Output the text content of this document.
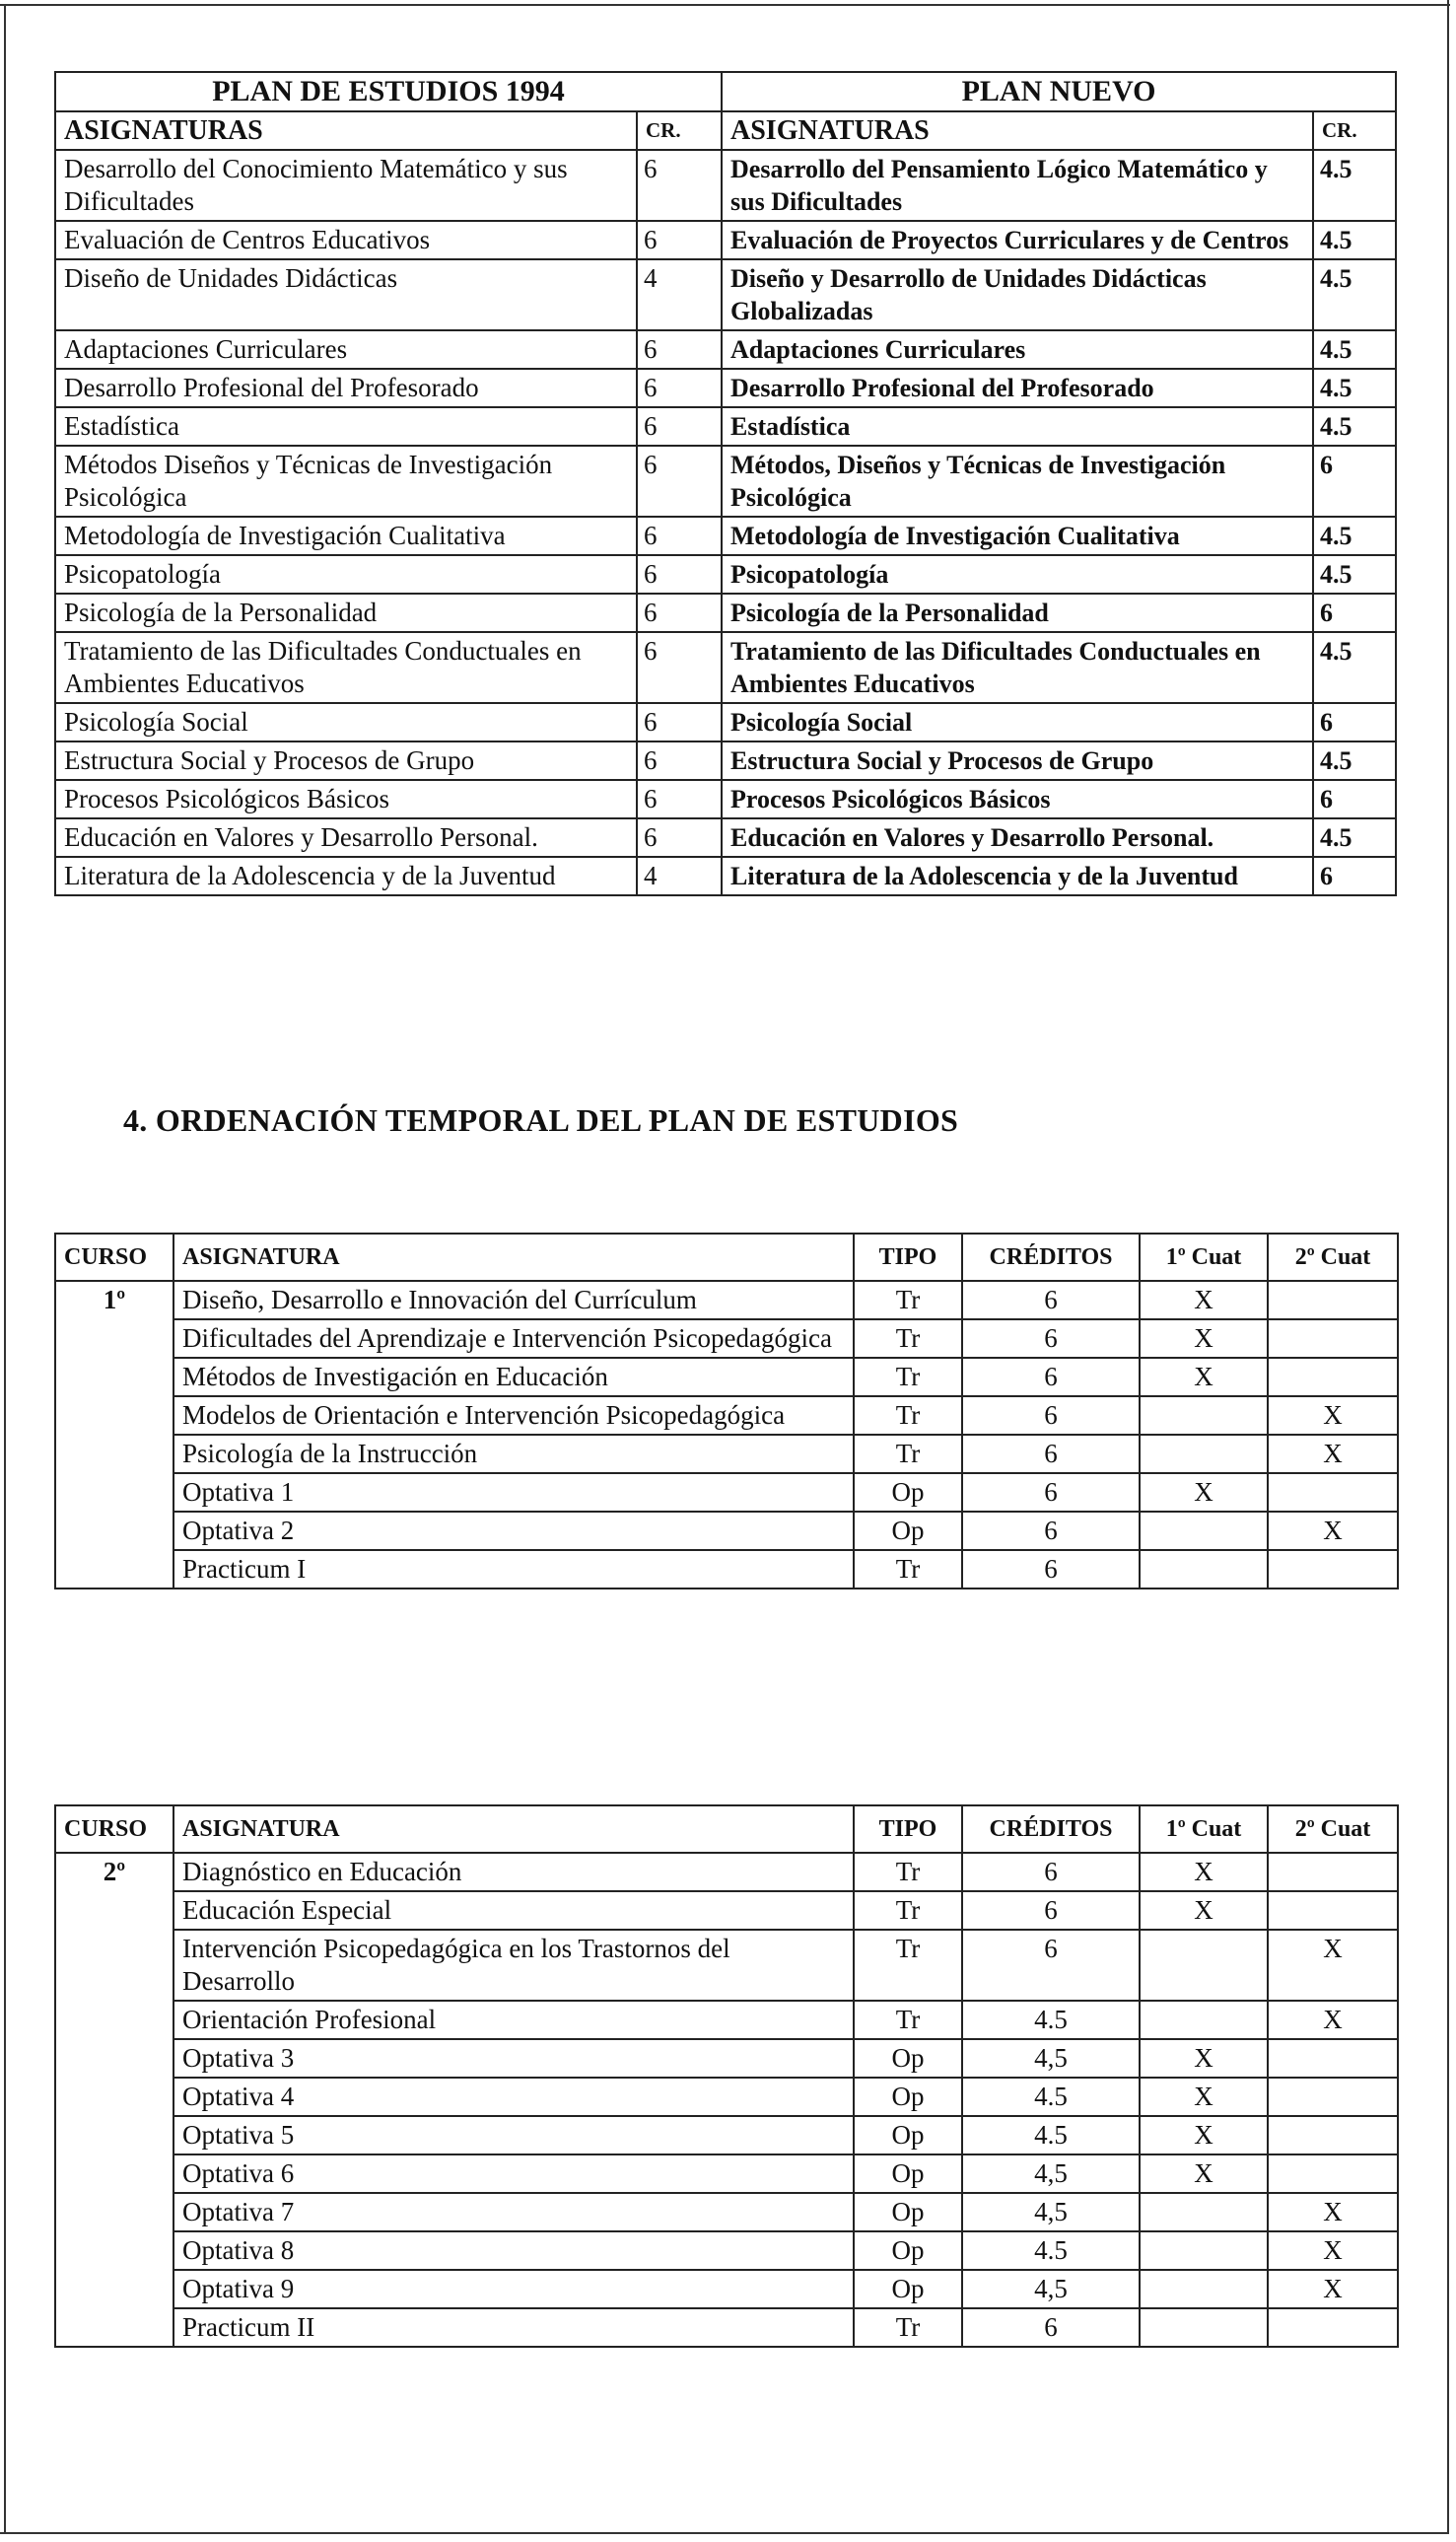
PLAN DE ESTUDIOS 1994		PLAN NUEVO	
ASIGNATURAS	CR.	ASIGNATURAS	CR.
Desarrollo del Conocimiento Matemático y sus Dificultades	6	Desarrollo del Pensamiento Lógico Matemático y sus Dificultades	4.5
Evaluación de Centros Educativos	6	Evaluación de Proyectos Curriculares y de Centros	4.5
Diseño de Unidades Didácticas	4	Diseño y Desarrollo de Unidades Didácticas Globalizadas	4.5
Adaptaciones Curriculares	6	Adaptaciones Curriculares	4.5
Desarrollo Profesional del Profesorado	6	Desarrollo Profesional del Profesorado	4.5
Estadística	6	Estadística	4.5
Métodos Diseños y Técnicas de Investigación Psicológica	6	Métodos, Diseños y Técnicas de Investigación Psicológica	6
Metodología de Investigación Cualitativa	6	Metodología de Investigación Cualitativa	4.5
Psicopatología	6	Psicopatología	4.5
Psicología de la Personalidad	6	Psicología de la Personalidad	6
Tratamiento de las Dificultades Conductuales en Ambientes Educativos	6	Tratamiento de las Dificultades Conductuales en Ambientes Educativos	4.5
Psicología Social	6	Psicología Social	6
Estructura Social y Procesos de Grupo	6	Estructura Social y Procesos de Grupo	4.5
Procesos Psicológicos Básicos	6	Procesos Psicológicos Básicos	6
Educación en Valores y Desarrollo Personal.	6	Educación en Valores y Desarrollo Personal.	4.5
Literatura de la Adolescencia y de la Juventud	4	Literatura de la Adolescencia y de la Juventud	6
4. ORDENACIÓN TEMPORAL DEL PLAN DE ESTUDIOS
CURSO	ASIGNATURA	TIPO	CRÉDITOS	1º Cuat	2º Cuat
1º	Diseño, Desarrollo e Innovación del Currículum	Tr	6	X	
	Dificultades del Aprendizaje e Intervención Psicopedagógica	Tr	6	X	
	Métodos de Investigación en Educación	Tr	6	X	
	Modelos de Orientación e Intervención Psicopedagógica	Tr	6		X
	Psicología de la Instrucción	Tr	6		X
	Optativa 1	Op	6	X	
	Optativa 2	Op	6		X
	Practicum I	Tr	6		
CURSO	ASIGNATURA	TIPO	CRÉDITOS	1º Cuat	2º Cuat
2º	Diagnóstico en Educación	Tr	6	X	
	Educación Especial	Tr	6	X	
	Intervención Psicopedagógica en los Trastornos del Desarrollo	Tr	6		X
	Orientación Profesional	Tr	4.5		X
	Optativa 3	Op	4,5	X	
	Optativa 4	Op	4.5	X	
	Optativa 5	Op	4.5	X	
	Optativa 6	Op	4,5	X	
	Optativa 7	Op	4,5		X
	Optativa 8	Op	4.5		X
	Optativa 9	Op	4,5		X
	Practicum II	Tr	6		
